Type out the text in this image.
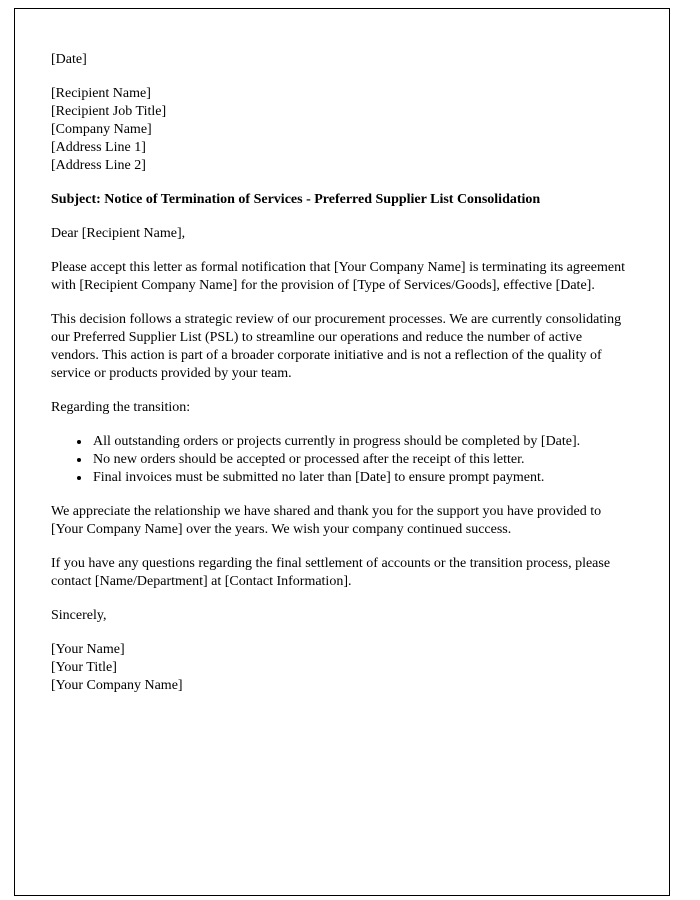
[Date]

[Recipient Name]

[Recipient Job Title]

[Company Name]

[Address Line 1]

[Address Line 2]

Subject: Notice of Termination of Services - Preferred Supplier List Consolidation

Dear [Recipient Name],

Please accept this letter as formal notification that [Your Company Name] is terminating its agreement with [Recipient Company Name] for the provision of [Type of Services/Goods], effective [Date].

This decision follows a strategic review of our procurement processes. We are currently consolidating our Preferred Supplier List (PSL) to streamline our operations and reduce the number of active vendors. This action is part of a broader corporate initiative and is not a reflection of the quality of service or products provided by your team.

Regarding the transition:

• All outstanding orders or projects currently in progress should be completed by [Date].
• No new orders should be accepted or processed after the receipt of this letter.
• Final invoices must be submitted no later than [Date] to ensure prompt payment.

We appreciate the relationship we have shared and thank you for the support you have provided to [Your Company Name] over the years. We wish your company continued success.

If you have any questions regarding the final settlement of accounts or the transition process, please contact [Name/Department] at [Contact Information].

Sincerely,

[Your Name]

[Your Title]

[Your Company Name]
